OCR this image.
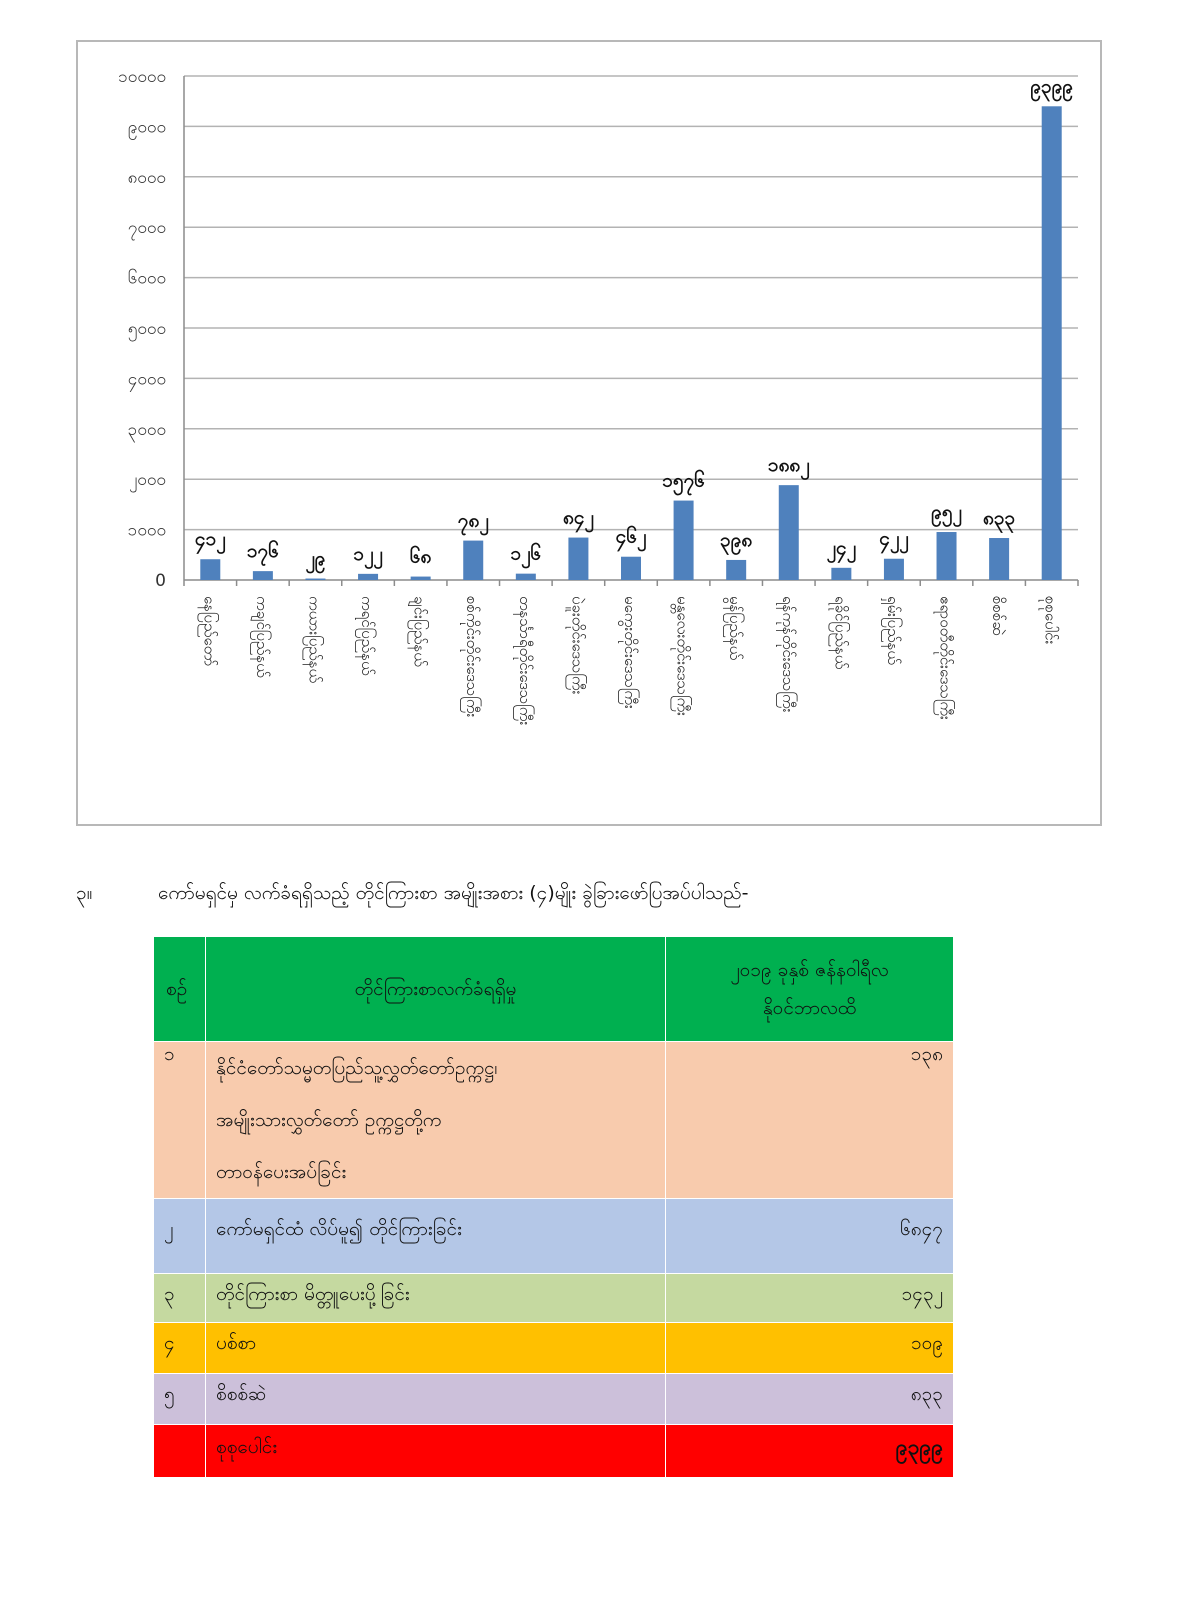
0
၁၀၀၀
၂၀၀၀
၃၀၀၀
၄၀၀၀
၅၀၀၀
၆၀၀၀
၇၀၀၀
၈၀၀၀
၉၀၀၀
၁၀၀၀၀
၄၁၂
နေပြည်တော်
၁၇၆
ကချင်ပြည်နယ်
၂၉
ကယားပြည်နယ်
၁၂၂
ကရင်ပြည်နယ်
၆၈
ချင်းပြည်နယ်
၇၈၂
စစ်ကိုင်းတိုင်းဒေသကြီး
၁၂၆
တနင်္သာရီတိုင်းဒေသကြီး
၈၄၂
ပဲခူးတိုင်းဒေသကြီး
၄၆၂
မကွေးတိုင်းဒေသကြီး
၁၅၇၆
မန္တလေးတိုင်းဒေသကြီး
၃၉၈
မွန်ပြည်နယ်
၁၈၈၂
ရန်ကုန်တိုင်းဒေသကြီး
၂၄၂
ရခိုင်ပြည်နယ်
၄၂၂
ရှမ်းပြည်နယ်
၉၅၂
ဧရာဝတီတိုင်းဒေသကြီး
၈၃၃
စိစစ်ဆဲ
၉၃၉၉
စုစုပေါင်း
၃။	ကော်မရှင်မှ လက်ခံရရှိသည့် တိုင်ကြားစာ အမျိုးအစား (၄)မျိုး ခွဲခြားဖော်ပြအပ်ပါသည်-
စဉ်	တိုင်ကြားစာလက်ခံရရှိမှု	၂၀၁၉ ခုနှစ် ဇန်နဝါရီလ
နိုဝင်ဘာလထိ

၁	နိုင်ငံတော်သမ္မတပြည်သူ့လွှတ်တော်ဥက္ကဋ္ဌ၊
အမျိုးသားလွှတ်တော် ဥက္ကဋ္ဌတို့က
တာဝန်ပေးအပ်ခြင်း	၁၃၈
၂	ကော်မရှင်ထံ လိပ်မူ၍ တိုင်ကြားခြင်း	၆၈၄၇
၃	တိုင်ကြားစာ မိတ္တူပေးပို့ခြင်း	၁၄၃၂
၄	ပစ်စာ	၁၀၉
၅	စိစစ်ဆဲ	၈၃၃
	စုစုပေါင်း	၉၃၉၉
